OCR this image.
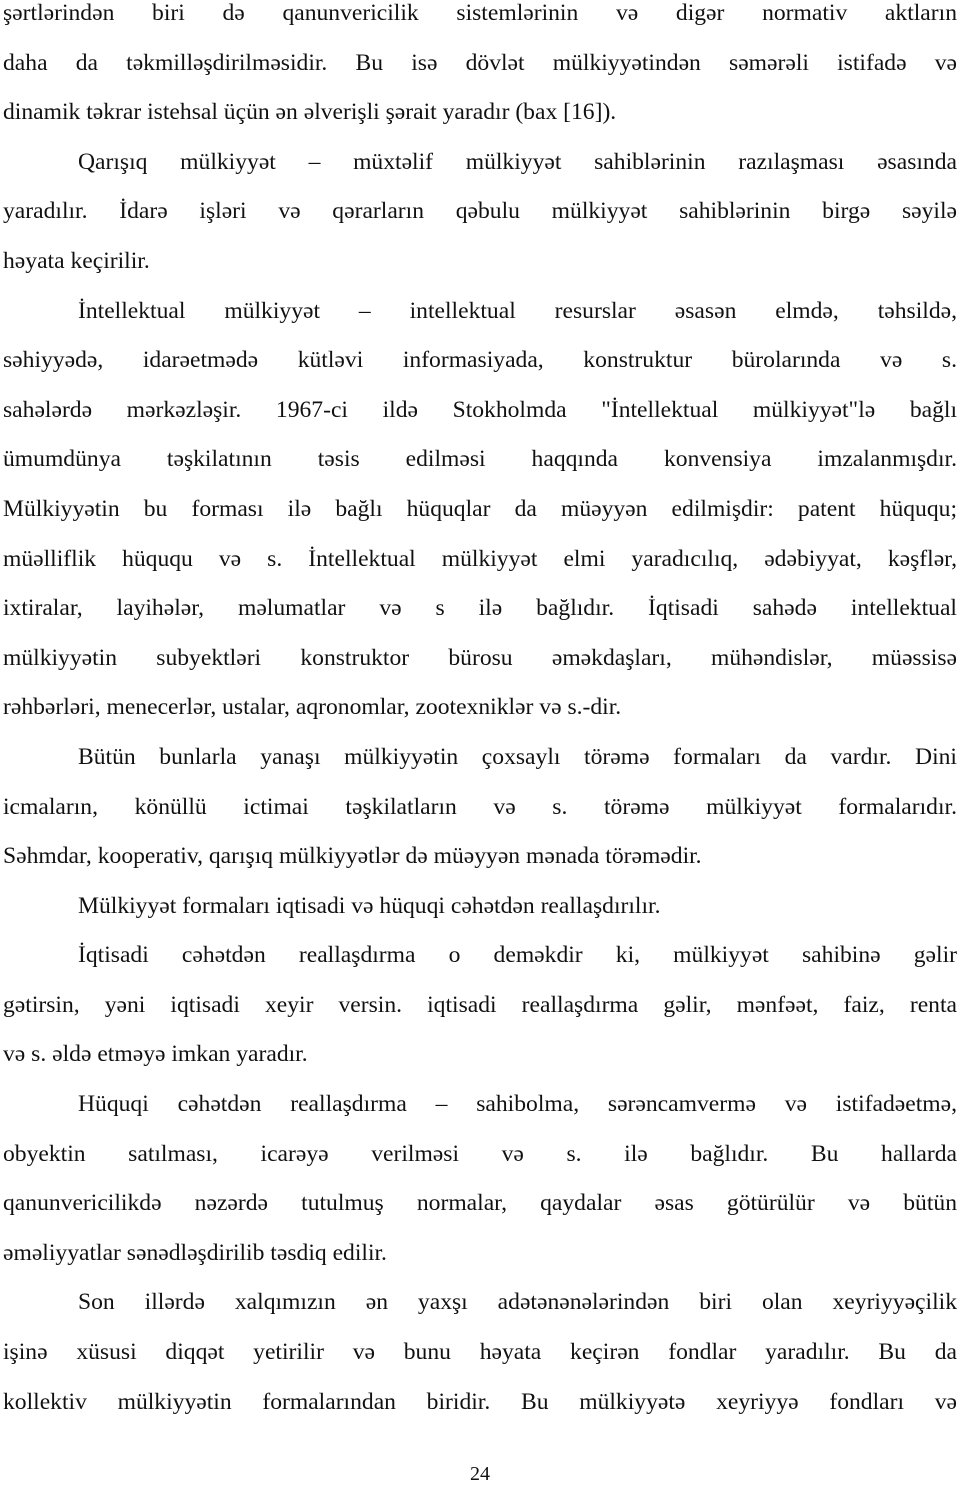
şərtlərindən biri də qanunvericilik sistemlərinin və digər normativ aktların
daha da təkmilləşdirilməsidir. Bu isə dövlət mülkiyyətindən səmərəli istifadə və
dinamik təkrar istehsal üçün ən əlverişli şərait yaradır (bax [16]).
Qarışıq mülkiyyət – müxtəlif mülkiyyət sahiblərinin razılaşması əsasında
yaradılır. İdarə işləri və qərarların qəbulu mülkiyyət sahiblərinin birgə səyilə
həyata keçirilir.
İntellektual mülkiyyət – intellektual resurslar əsasən elmdə, təhsildə,
səhiyyədə, idarəetmədə kütləvi informasiyada, konstruktur bürolarında və s.
sahələrdə mərkəzləşir. 1967-ci ildə Stokholmda "İntellektual mülkiyyət"lə bağlı
ümumdünya təşkilatının təsis edilməsi haqqında konvensiya imzalanmışdır.
Mülkiyyətin bu forması ilə bağlı hüquqlar da müəyyən edilmişdir: patent hüququ;
müəlliflik hüququ və s. İntellektual mülkiyyət elmi yaradıcılıq, ədəbiyyat, kəşflər,
ixtiralar, layihələr, məlumatlar və s ilə bağlıdır. İqtisadi sahədə intellektual
mülkiyyətin subyektləri konstruktor bürosu əməkdaşları, mühəndislər, müəssisə
rəhbərləri, menecerlər, ustalar, aqronomlar, zootexniklər və s.-dir.
Bütün bunlarla yanaşı mülkiyyətin çoxsaylı törəmə formaları da vardır. Dini
icmaların, könüllü ictimai təşkilatların və s. törəmə mülkiyyət formalarıdır.
Səhmdar, kooperativ, qarışıq mülkiyyətlər də müəyyən mənada törəmədir.
Mülkiyyət formaları iqtisadi və hüquqi cəhətdən reallaşdırılır.
İqtisadi cəhətdən reallaşdırma o deməkdir ki, mülkiyyət sahibinə gəlir
gətirsin, yəni iqtisadi xeyir versin. iqtisadi reallaşdırma gəlir, mənfəət, faiz, renta
və s. əldə etməyə imkan yaradır.
Hüquqi cəhətdən reallaşdırma – sahibolma, sərəncamvermə və istifadəetmə,
obyektin satılması, icarəyə verilməsi və s. ilə bağlıdır. Bu hallarda
qanunvericilikdə nəzərdə tutulmuş normalar, qaydalar əsas götürülür və bütün
əməliyyatlar sənədləşdirilib təsdiq edilir.
Son illərdə xalqımızın ən yaxşı adətənənələrindən biri olan xeyriyyəçilik
işinə xüsusi diqqət yetirilir və bunu həyata keçirən fondlar yaradılır. Bu da
kollektiv mülkiyyətin formalarından biridir. Bu mülkiyyətə xeyriyyə fondları və
24
